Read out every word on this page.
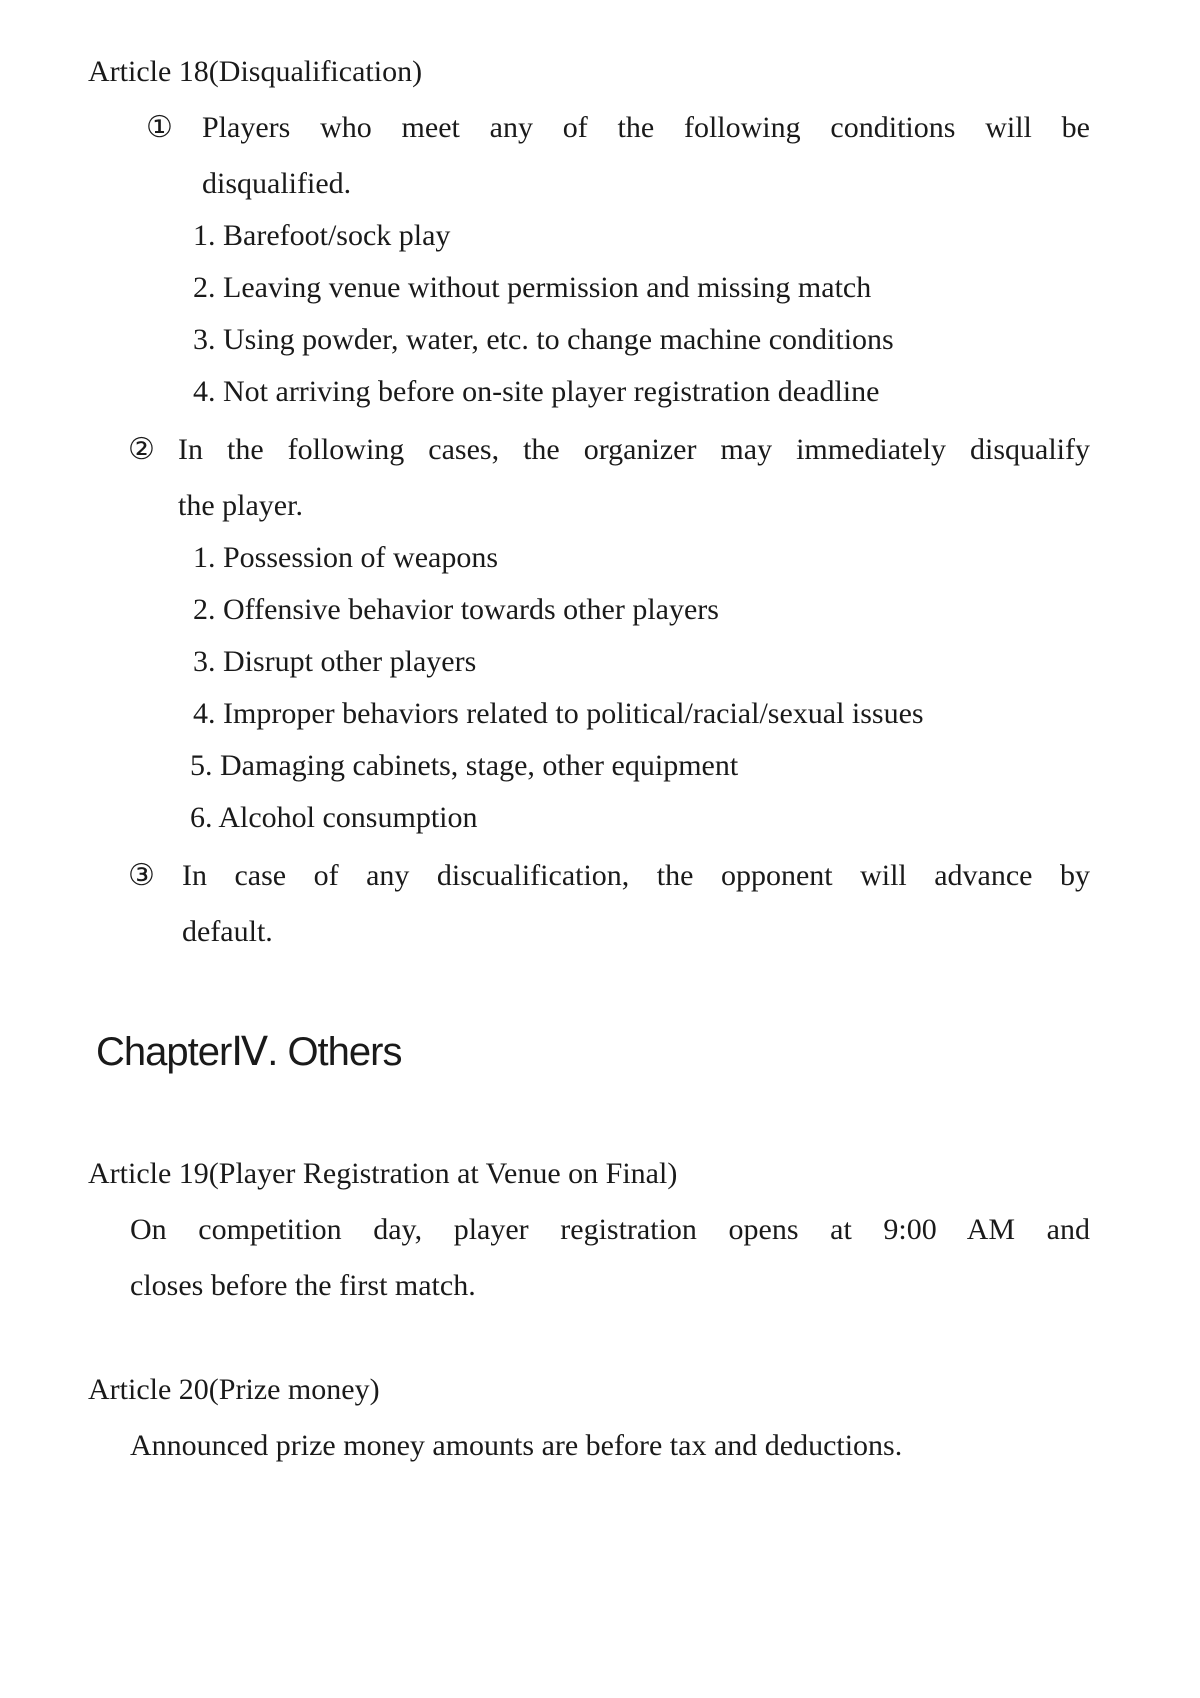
Article 18(Disqualification)
① Players who meet any of the following conditions will be
disqualified.
1. Barefoot/sock play
2. Leaving venue without permission and missing match
3. Using powder, water, etc. to change machine conditions
4. Not arriving before on-site player registration deadline
② In the following cases, the organizer may immediately disqualify
the player.
1. Possession of weapons
2. Offensive behavior towards other players
3. Disrupt other players
4. Improper behaviors related to political/racial/sexual issues
5. Damaging cabinets, stage, other equipment
6. Alcohol consumption
③ In case of any discualification, the opponent will advance by
default.
ChapterⅣ. Others
Article 19(Player Registration at Venue on Final)
On competition day, player registration opens at 9:00 AM and
closes before the first match.
Article 20(Prize money)
Announced prize money amounts are before tax and deductions.
